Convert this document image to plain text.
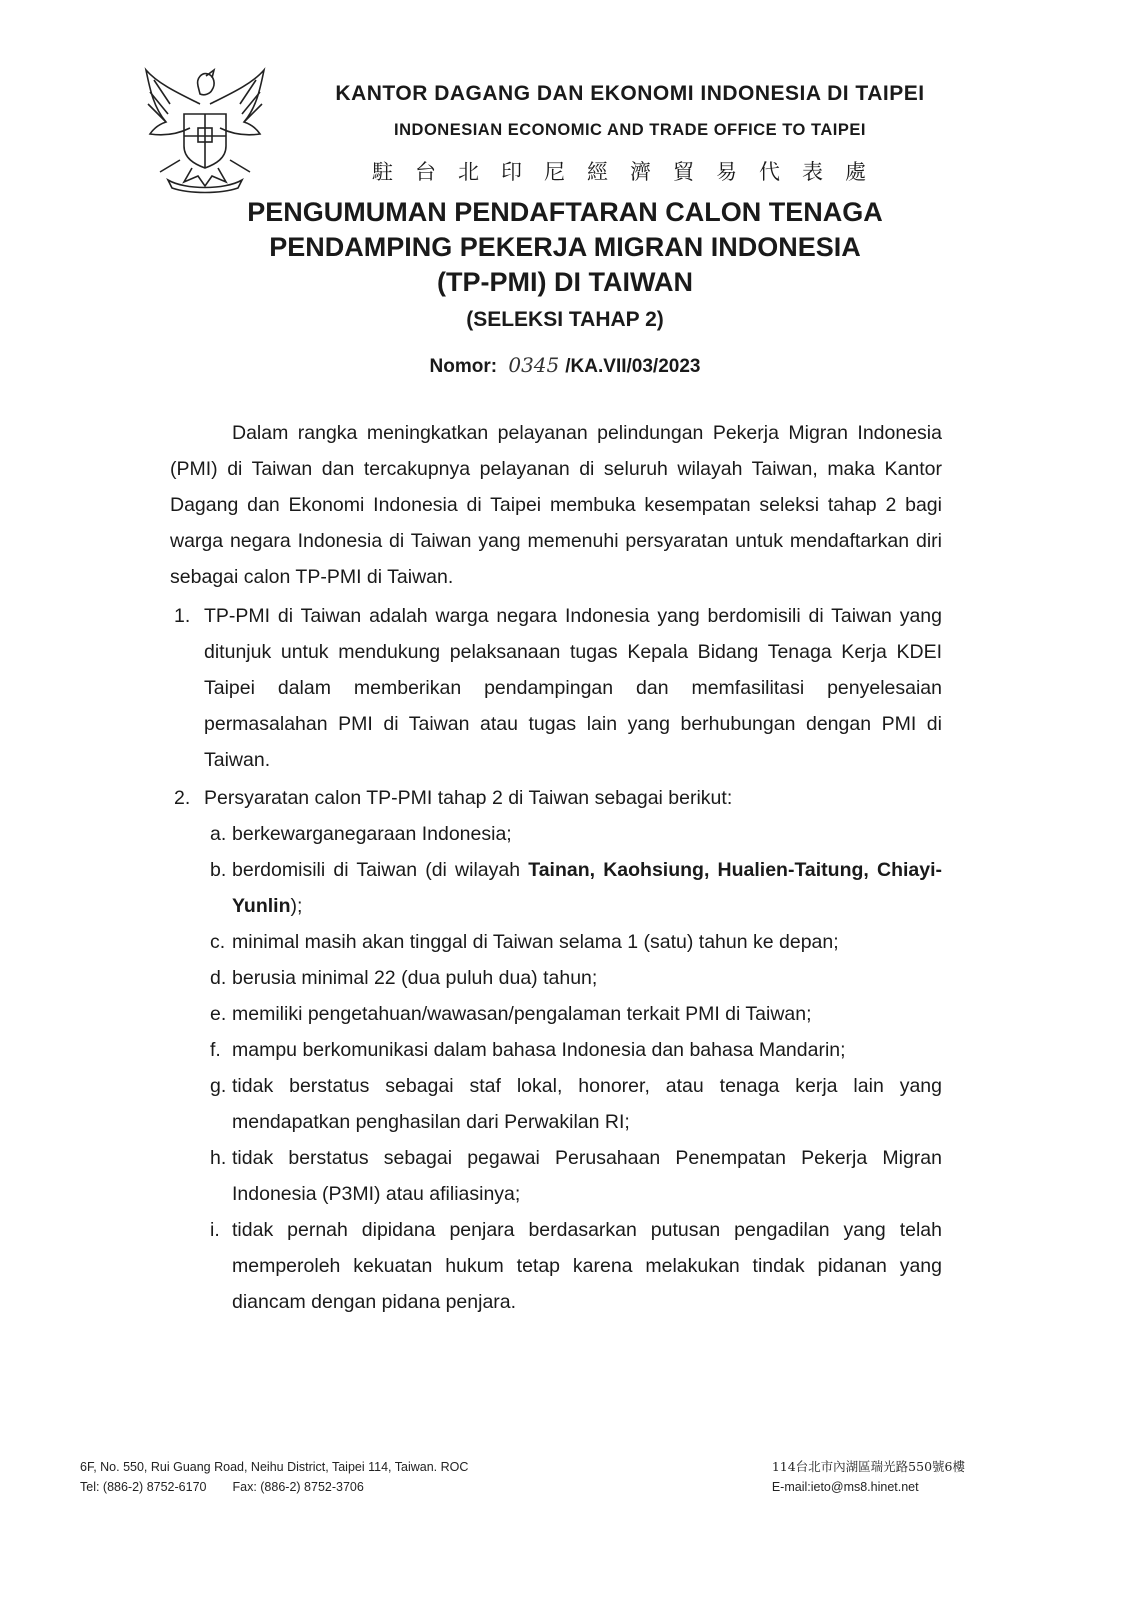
KANTOR DAGANG DAN EKONOMI INDONESIA DI TAIPEI
INDONESIAN ECONOMIC AND TRADE OFFICE TO TAIPEI
駐台北印尼經濟貿易代表處
PENGUMUMAN PENDAFTARAN CALON TENAGA
PENDAMPING PEKERJA MIGRAN INDONESIA
(TP-PMI) DI TAIWAN
(SELEKSI TAHAP 2)
Nomor: 0345 /KA.VII/03/2023
Dalam rangka meningkatkan pelayanan pelindungan Pekerja Migran Indonesia (PMI) di Taiwan dan tercakupnya pelayanan di seluruh wilayah Taiwan, maka Kantor Dagang dan Ekonomi Indonesia di Taipei membuka kesempatan seleksi tahap 2 bagi warga negara Indonesia di Taiwan yang memenuhi persyaratan untuk mendaftarkan diri sebagai calon TP-PMI di Taiwan.
1. TP-PMI di Taiwan adalah warga negara Indonesia yang berdomisili di Taiwan yang ditunjuk untuk mendukung pelaksanaan tugas Kepala Bidang Tenaga Kerja KDEI Taipei dalam memberikan pendampingan dan memfasilitasi penyelesaian permasalahan PMI di Taiwan atau tugas lain yang berhubungan dengan PMI di Taiwan.
2. Persyaratan calon TP-PMI tahap 2 di Taiwan sebagai berikut:
a. berkewarganegaraan Indonesia;
b. berdomisili di Taiwan (di wilayah Tainan, Kaohsiung, Hualien-Taitung, Chiayi- Yunlin);
c. minimal masih akan tinggal di Taiwan selama 1 (satu) tahun ke depan;
d. berusia minimal 22 (dua puluh dua) tahun;
e. memiliki pengetahuan/wawasan/pengalaman terkait PMI di Taiwan;
f. mampu berkomunikasi dalam bahasa Indonesia dan bahasa Mandarin;
g. tidak berstatus sebagai staf lokal, honorer, atau tenaga kerja lain yang mendapatkan penghasilan dari Perwakilan RI;
h. tidak berstatus sebagai pegawai Perusahaan Penempatan Pekerja Migran Indonesia (P3MI) atau afiliasinya;
i. tidak pernah dipidana penjara berdasarkan putusan pengadilan yang telah memperoleh kekuatan hukum tetap karena melakukan tindak pidanan yang diancam dengan pidana penjara.
6F, No. 550, Rui Guang Road, Neihu District, Taipei 114, Taiwan. ROC
Tel: (886-2) 8752-6170 Fax: (886-2) 8752-3706
114台北市內湖區瑞光路550號6樓
E-mail:ieto@ms8.hinet.net
